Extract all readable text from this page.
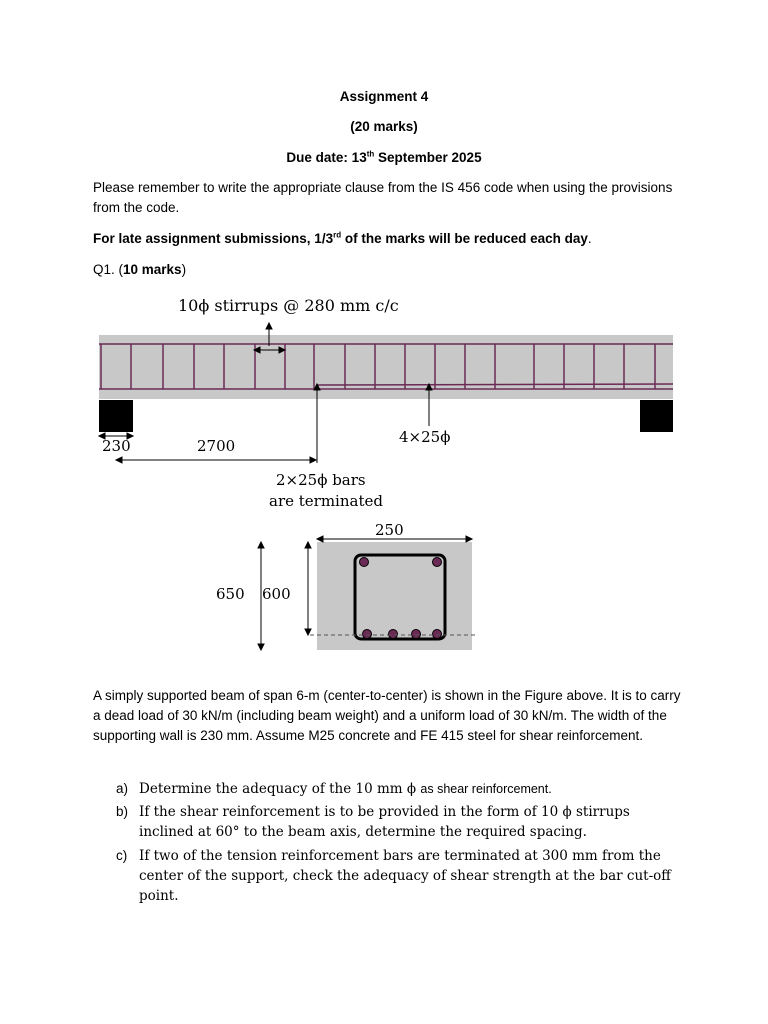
Assignment 4
(20 marks)
Due date: 13th September 2025
Please remember to write the appropriate clause from the IS 456 code when using the provisions from the code.
For late assignment submissions, 1/3rd of the marks will be reduced each day.
Q1. (10 marks)
10ϕ stirrups @ 280 mm c/c
230	2700	4×25ϕ
2×25ϕ bars
are terminated
250
650 600
A simply supported beam of span 6-m (center-to-center) is shown in the Figure above. It is to carry a dead load of 30 kN/m (including beam weight) and a uniform load of 30 kN/m. The width of the supporting wall is 230 mm. Assume M25 concrete and FE 415 steel for shear reinforcement.
a) Determine the adequacy of the 10 mm ϕ as shear reinforcement.
b) If the shear reinforcement is to be provided in the form of 10 ϕ stirrups inclined at 60° to the beam axis, determine the required spacing.
c) If two of the tension reinforcement bars are terminated at 300 mm from the center of the support, check the adequacy of shear strength at the bar cut-off point.
